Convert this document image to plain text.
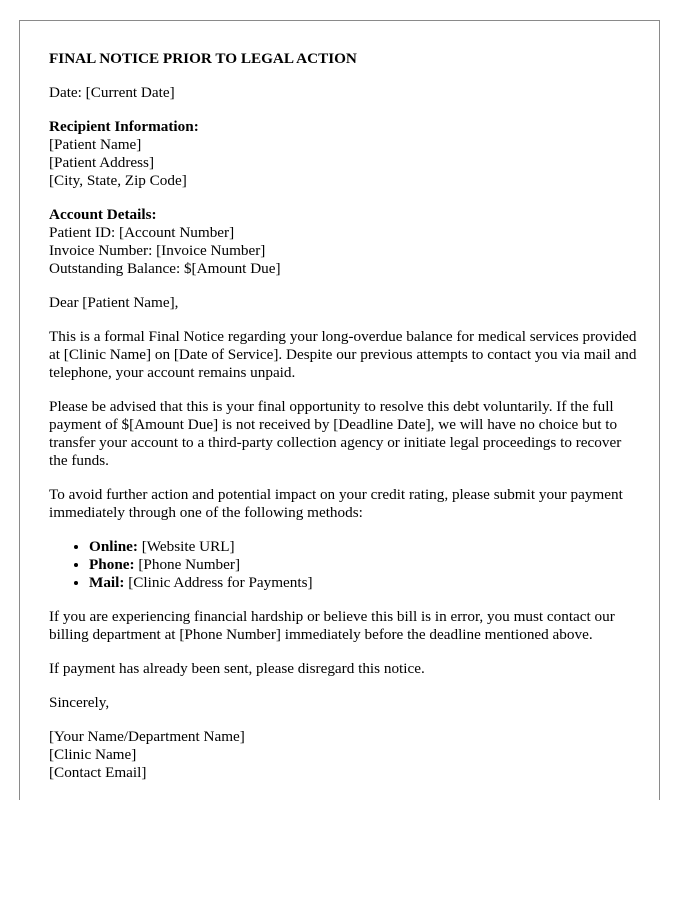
FINAL NOTICE PRIOR TO LEGAL ACTION
Date: [Current Date]
Recipient Information:
[Patient Name]
[Patient Address]
[City, State, Zip Code]
Account Details:
Patient ID: [Account Number]
Invoice Number: [Invoice Number]
Outstanding Balance: $[Amount Due]

Dear [Patient Name],

This is a formal Final Notice regarding your long-overdue balance for medical services provided at [Clinic Name] on [Date of Service]. Despite our previous attempts to contact you via mail and telephone, your account remains unpaid.

Please be advised that this is your final opportunity to resolve this debt voluntarily. If the full payment of $[Amount Due] is not received by [Deadline Date], we will have no choice but to transfer your account to a third-party collection agency or initiate legal proceedings to recover the funds.

To avoid further action and potential impact on your credit rating, please submit your payment immediately through one of the following methods:

• Online: [Website URL]
• Phone: [Phone Number]
• Mail: [Clinic Address for Payments]

If you are experiencing financial hardship or believe this bill is in error, you must contact our billing department at [Phone Number] immediately before the deadline mentioned above.

If payment has already been sent, please disregard this notice.

Sincerely,

[Your Name/Department Name]
[Clinic Name]
[Contact Email]
